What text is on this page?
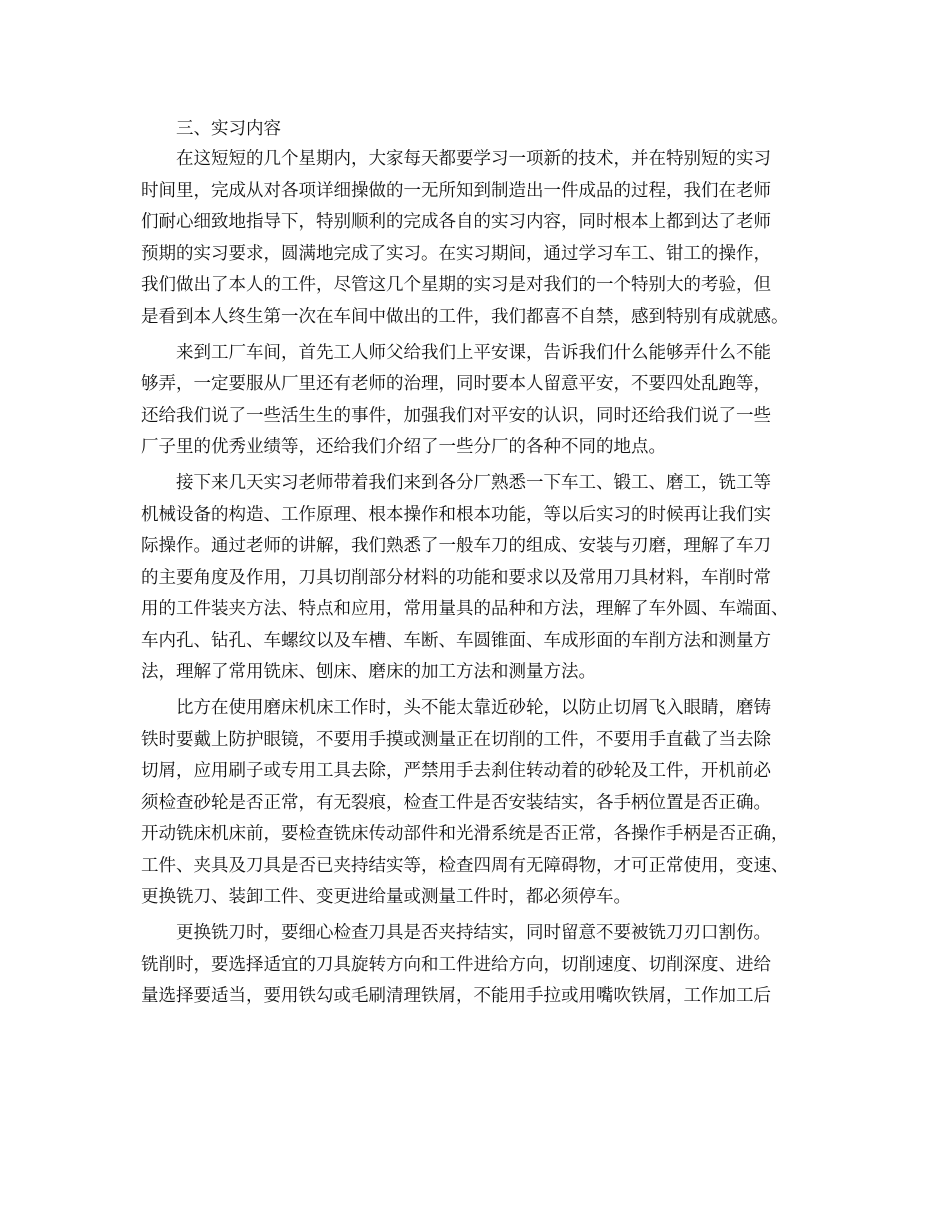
三、实习内容
在这短短的几个星期内，大家每天都要学习一项新的技术，并在特别短的实习
时间里，完成从对各项详细操做的一无所知到制造出一件成品的过程，我们在老师
们耐心细致地指导下，特别顺利的完成各自的实习内容，同时根本上都到达了老师
预期的实习要求，圆满地完成了实习。在实习期间，通过学习车工、钳工的操作，
我们做出了本人的工件，尽管这几个星期的实习是对我们的一个特别大的考验，但
是看到本人终生第一次在车间中做出的工件，我们都喜不自禁，感到特别有成就感。
来到工厂车间，首先工人师父给我们上平安课，告诉我们什么能够弄什么不能
够弄，一定要服从厂里还有老师的治理，同时要本人留意平安，不要四处乱跑等，
还给我们说了一些活生生的事件，加强我们对平安的认识，同时还给我们说了一些
厂子里的优秀业绩等，还给我们介绍了一些分厂的各种不同的地点。
接下来几天实习老师带着我们来到各分厂熟悉一下车工、锻工、磨工，铣工等
机械设备的构造、工作原理、根本操作和根本功能，等以后实习的时候再让我们实
际操作。通过老师的讲解，我们熟悉了一般车刀的组成、安装与刃磨，理解了车刀
的主要角度及作用，刀具切削部分材料的功能和要求以及常用刀具材料，车削时常
用的工件装夹方法、特点和应用，常用量具的品种和方法，理解了车外圆、车端面、
车内孔、钻孔、车螺纹以及车槽、车断、车圆锥面、车成形面的车削方法和测量方
法，理解了常用铣床、刨床、磨床的加工方法和测量方法。
比方在使用磨床机床工作时，头不能太靠近砂轮，以防止切屑飞入眼睛，磨铸
铁时要戴上防护眼镜，不要用手摸或测量正在切削的工件，不要用手直截了当去除
切屑，应用刷子或专用工具去除，严禁用手去刹住转动着的砂轮及工件，开机前必
须检查砂轮是否正常，有无裂痕，检查工件是否安装结实，各手柄位置是否正确。
开动铣床机床前，要检查铣床传动部件和光滑系统是否正常，各操作手柄是否正确，
工件、夹具及刀具是否已夹持结实等，检查四周有无障碍物，才可正常使用，变速、
更换铣刀、装卸工件、变更进给量或测量工件时，都必须停车。
更换铣刀时，要细心检查刀具是否夹持结实，同时留意不要被铣刀刃口割伤。
铣削时，要选择适宜的刀具旋转方向和工件进给方向，切削速度、切削深度、进给
量选择要适当，要用铁勾或毛刷清理铁屑，不能用手拉或用嘴吹铁屑，工作加工后
